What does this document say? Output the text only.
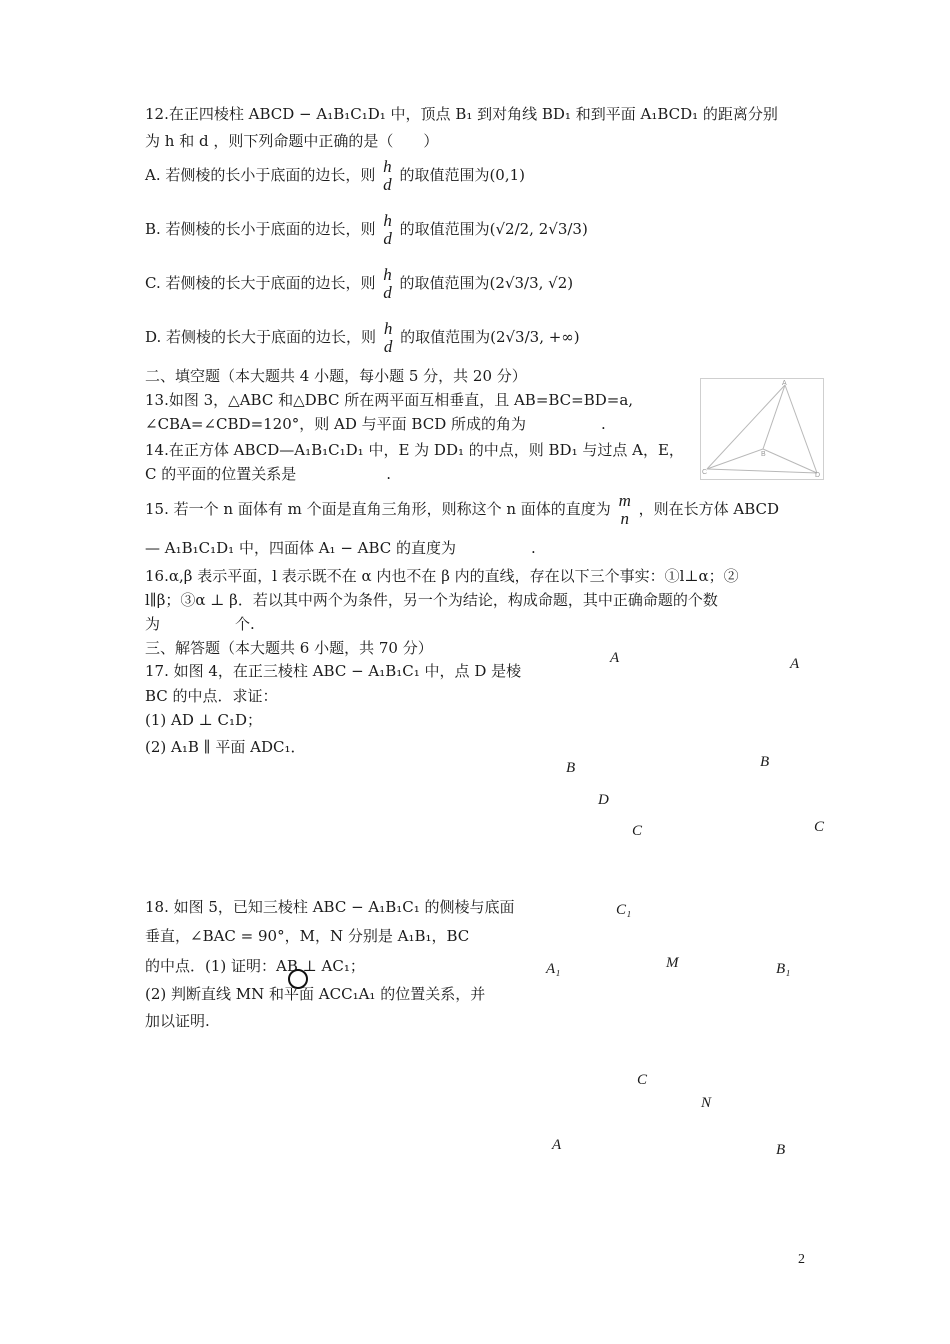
12.在正四棱柱 ABCD − A₁B₁C₁D₁ 中，顶点 B₁ 到对角线 BD₁ 和到平面 A₁BCD₁ 的距离分别
为 h 和 d ，则下列命题中正确的是（　　）
A. 若侧棱的长小于底面的边长，则 h
d 的取值范围为(0,1)
B. 若侧棱的长小于底面的边长，则 h
d 的取值范围为(√2/2, 2√3/3)
C. 若侧棱的长大于底面的边长，则 h
d 的取值范围为(2√3/3, √2)
D. 若侧棱的长大于底面的边长，则 h
d 的取值范围为(2√3/3, +∞)
二、填空题（本大题共 4 小题，每小题 5 分，共 20 分）
13.如图 3，△ABC 和△DBC 所在两平面互相垂直，且 AB=BC=BD=a,
∠CBA=∠CBD=120°，则 AD 与平面 BCD 所成的角为　　　　　.
A
B
C	D
14.在正方体 ABCD—A₁B₁C₁D₁ 中，E 为 DD₁ 的中点，则 BD₁ 与过点 A，E，
C 的平面的位置关系是　　　　　　.
15. 若一个 n 面体有 m 个面是直角三角形，则称这个 n 面体的直度为 m
n ，则在长方体 ABCD
— A₁B₁C₁D₁ 中，四面体 A₁ − ABC 的直度为　　　　　.
16.α,β 表示平面，l 表示既不在 α 内也不在 β 内的直线，存在以下三个事实：①l⊥α；②
l∥β；③α ⊥ β．若以其中两个为条件，另一个为结论，构成命题，其中正确命题的个数
为　　　　　个.
三、解答题（本大题共 6 小题，共 70 分）
17. 如图 4，在正三棱柱 ABC − A₁B₁C₁ 中，点 D 是棱
BC 的中点．求证：
(1) AD ⊥ C₁D；
(2) A₁B ∥ 平面 ADC₁．
A	A
B	B
D
C	C
18. 如图 5，已知三棱柱 ABC − A₁B₁C₁ 的侧棱与底面
垂直，∠BAC = 90°，M，N 分别是 A₁B₁，BC
的中点．(1) 证明：AB ⊥ AC₁；
(2) 判断直线 MN 和平面 ACC₁A₁ 的位置关系，并
加以证明.
C₁
A₁	M	B₁
C
N
A	B
2
